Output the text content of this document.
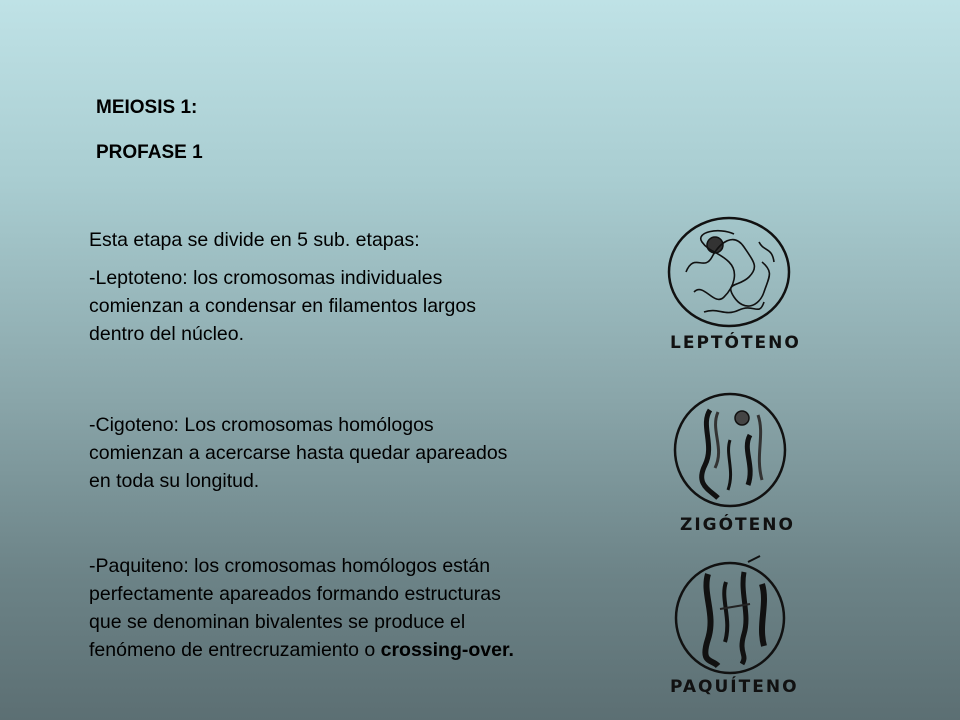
MEIOSIS 1:
PROFASE 1
Esta etapa se divide en 5 sub. etapas:
-Leptoteno: los cromosomas individuales
comienzan a condensar en filamentos largos
dentro del núcleo.
-Cigoteno: Los cromosomas homólogos
comienzan a acercarse hasta quedar apareados
en toda su longitud.
-Paquiteno: los cromosomas homólogos están
perfectamente apareados formando estructuras
que se denominan bivalentes se produce el
fenómeno de entrecruzamiento o crossing-over.
LEPTÓTENO
ZIGÓTENO
PAQUÍTENO
